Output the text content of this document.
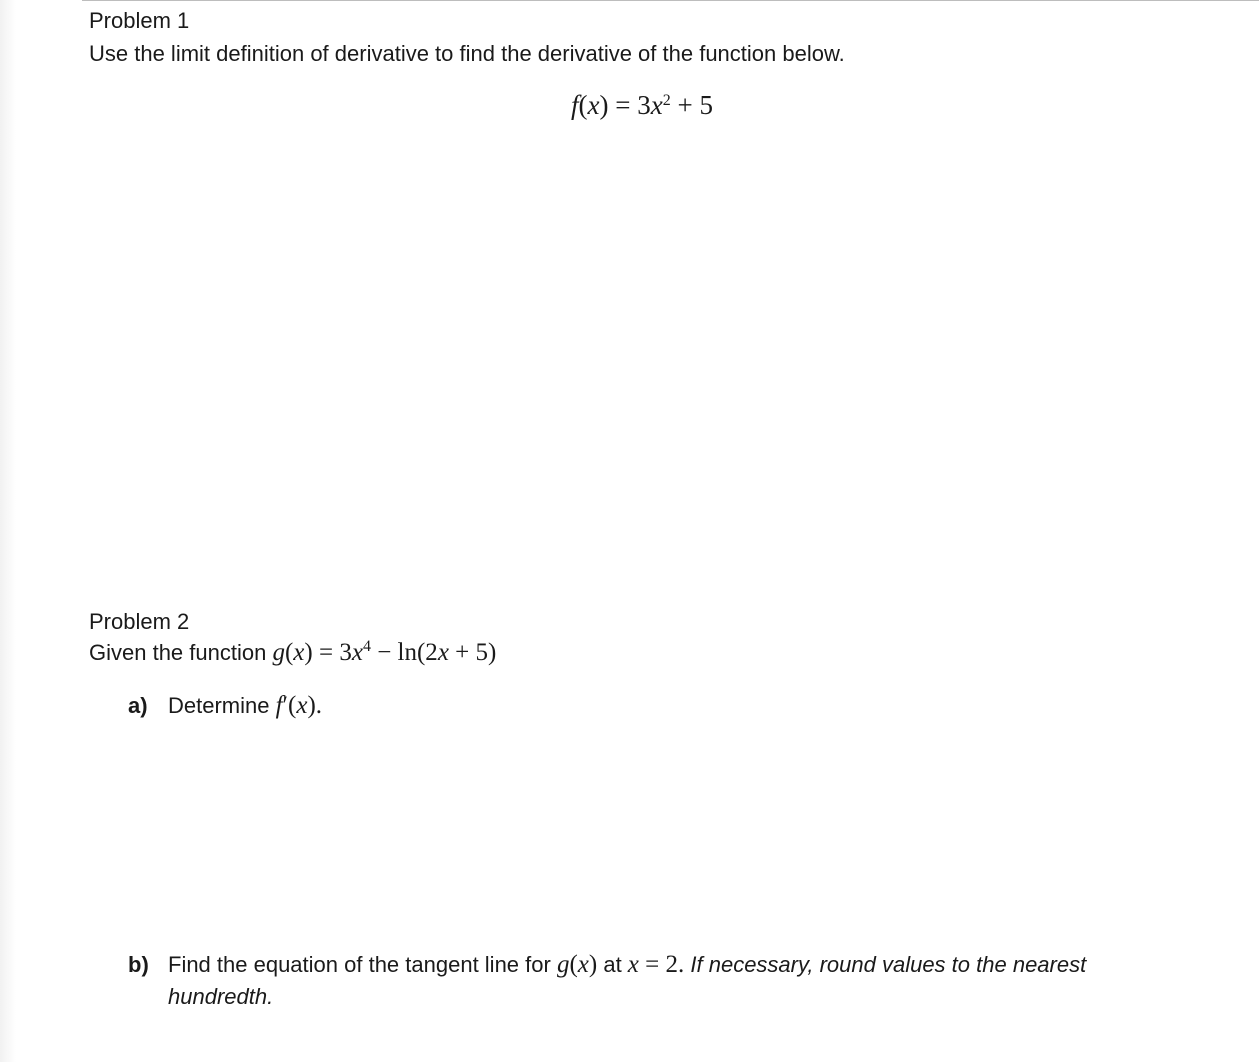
Problem 1
Use the limit definition of derivative to find the derivative of the function below.
$f(x) = 3x^2 + 5$
Problem 2
Given the function $g(x) = 3x^4 - \ln(2x + 5)$
a) Determine f′(x).
b) Find the equation of the tangent line for g(x) at x = 2. If necessary, round values to the nearest
hundredth.
